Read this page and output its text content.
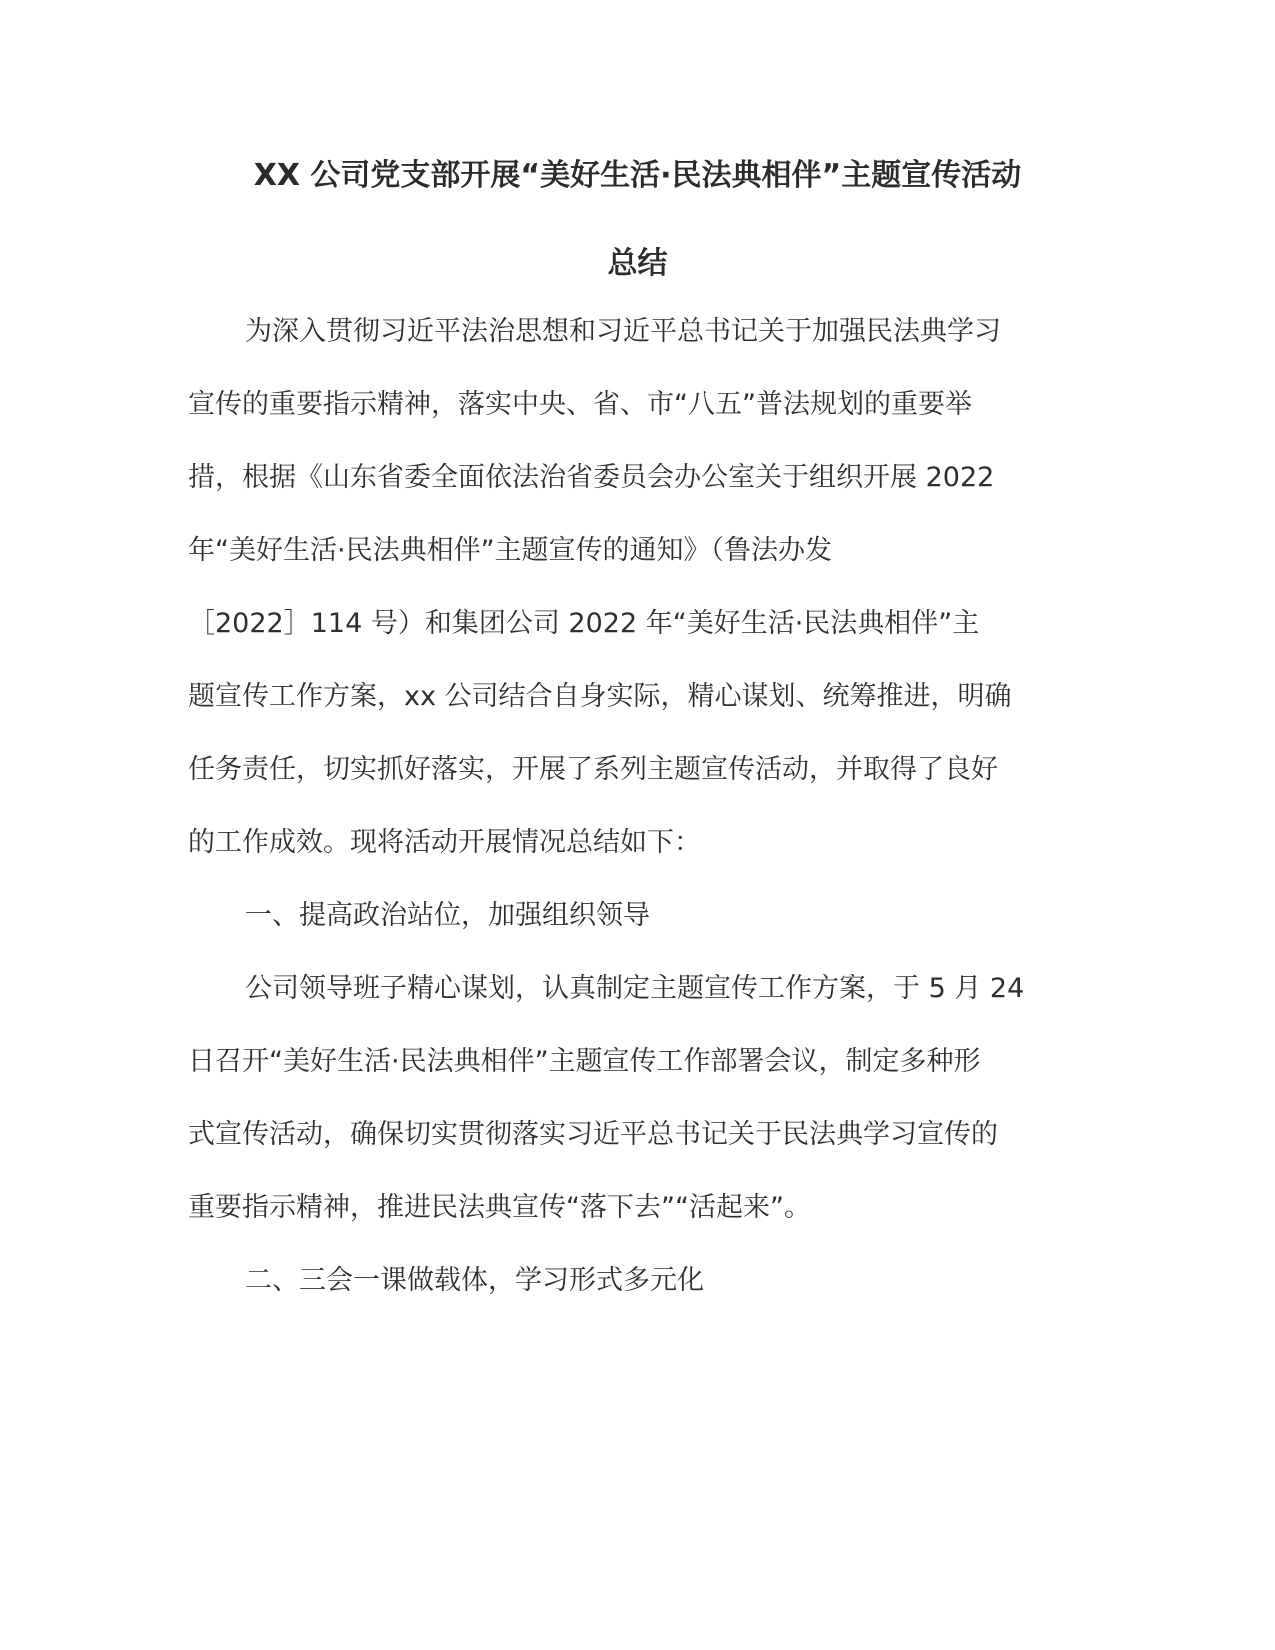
XX 公司党支部开展“美好生活·民法典相伴”主题宣传活动
总结
为深入贯彻习近平法治思想和习近平总书记关于加强民法典学习
宣传的重要指示精神，落实中央、省、市“八五”普法规划的重要举
措，根据《山东省委全面依法治省委员会办公室关于组织开展 2022
年“美好生活·民法典相伴”主题宣传的通知》（鲁法办发
［2022］114 号）和集团公司 2022 年“美好生活·民法典相伴”主
题宣传工作方案，xx 公司结合自身实际，精心谋划、统筹推进，明确
任务责任，切实抓好落实，开展了系列主题宣传活动，并取得了良好
的工作成效。现将活动开展情况总结如下：
一、提高政治站位，加强组织领导
公司领导班子精心谋划，认真制定主题宣传工作方案，于 5 月 24
日召开“美好生活·民法典相伴”主题宣传工作部署会议，制定多种形
式宣传活动，确保切实贯彻落实习近平总书记关于民法典学习宣传的
重要指示精神，推进民法典宣传“落下去”“活起来”。
二、三会一课做载体，学习形式多元化
